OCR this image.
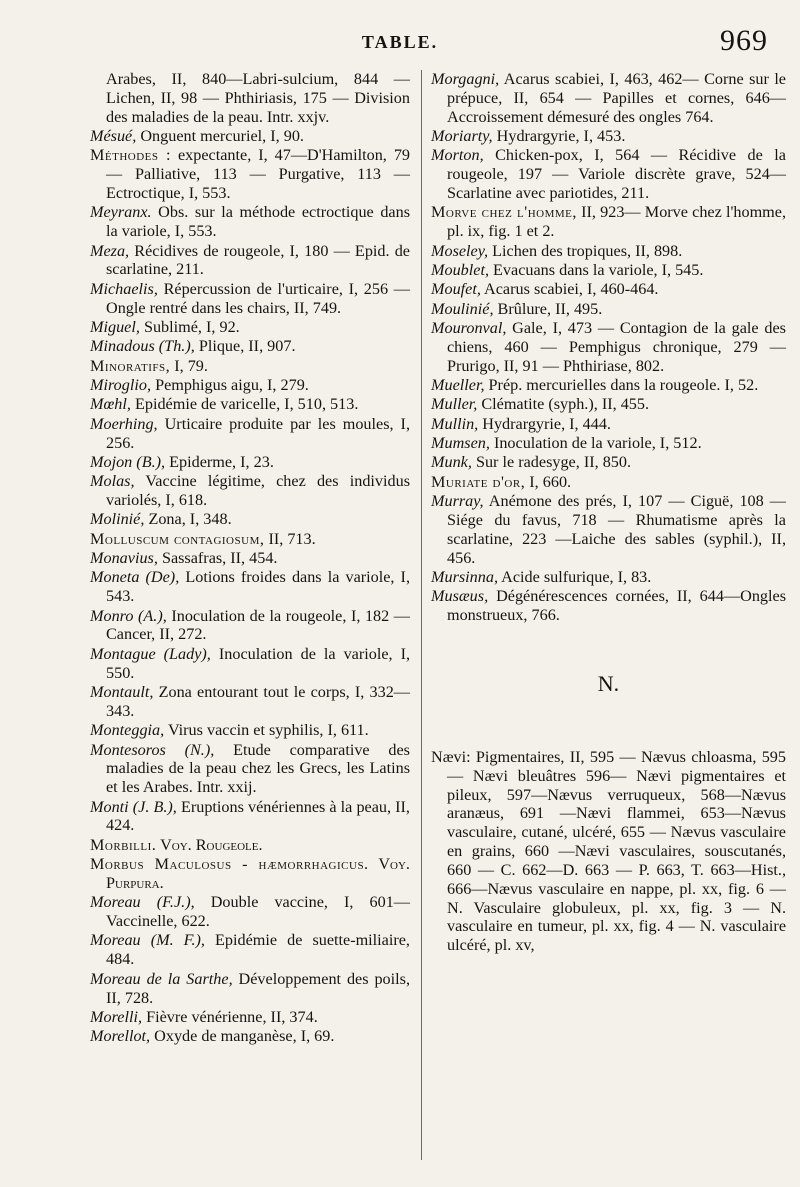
TABLE.	969

Arabes, II, 840—Labri-sulcium, 844 — Lichen, II, 98 — Phthiriasis, 175 — Division des maladies de la peau. Intr. xxjv.

Mésué, Onguent mercuriel, I, 90.

Méthodes : expectante, I, 47—D'Hamilton, 79 — Palliative, 113 — Purgative, 113 —Ectroctique, I, 553.

Meyranx. Obs. sur la méthode ectroctique dans la variole, I, 553.

Meza, Récidives de rougeole, I, 180 — Epid. de scarlatine, 211.

Michaelis, Répercussion de l'urticaire, I, 256 — Ongle rentré dans les chairs, II, 749.

Miguel, Sublimé, I, 92.

Minadous (Th.), Plique, II, 907.

Minoratifs, I, 79.

Miroglio, Pemphigus aigu, I, 279.

Mœhl, Epidémie de varicelle, I, 510, 513.

Moerhing, Urticaire produite par les moules, I, 256.

Mojon (B.), Epiderme, I, 23.

Molas, Vaccine légitime, chez des individus variolés, I, 618.

Molinié, Zona, I, 348.

Molluscum contagiosum, II, 713.

Monavius, Sassafras, II, 454.

Moneta (De), Lotions froides dans la variole, I, 543.

Monro (A.), Inoculation de la rougeole, I, 182 — Cancer, II, 272.

Montague (Lady), Inoculation de la variole, I, 550.

Montault, Zona entourant tout le corps, I, 332— 343.

Monteggia, Virus vaccin et syphilis, I, 611.

Montesoros (N.), Etude comparative des maladies de la peau chez les Grecs, les Latins et les Arabes. Intr. xxij.

Monti (J. B.), Eruptions vénériennes à la peau, II, 424.

Morbilli. Voy. Rougeole.

Morbus Maculosus - hæmorrhagicus. Voy. Purpura.

Moreau (F.J.), Double vaccine, I, 601— Vaccinelle, 622.

Moreau (M. F.), Epidémie de suette-miliaire, 484.

Moreau de la Sarthe, Développement des poils, II, 728.

Morelli, Fièvre vénérienne, II, 374.

Morellot, Oxyde de manganèse, I, 69.

Morgagni, Acarus scabiei, I, 463, 462— Corne sur le prépuce, II, 654 — Papilles et cornes, 646—Accroissement démesuré des ongles 764.

Moriarty, Hydrargyrie, I, 453.

Morton, Chicken-pox, I, 564 — Récidive de la rougeole, 197 — Variole discrète grave, 524—Scarlatine avec pariotides, 211.

Morve chez l'homme, II, 923— Morve chez l'homme, pl. ix, fig. 1 et 2.

Moseley, Lichen des tropiques, II, 898.

Moublet, Evacuans dans la variole, I, 545.

Moufet, Acarus scabiei, I, 460-464.

Moulinié, Brûlure, II, 495.

Mouronval, Gale, I, 473 — Contagion de la gale des chiens, 460 — Pemphigus chronique, 279 — Prurigo, II, 91 — Phthiriase, 802.

Mueller, Prép. mercurielles dans la rougeole. I, 52.

Muller, Clématite (syph.), II, 455.

Mullin, Hydrargyrie, I, 444.

Mumsen, Inoculation de la variole, I, 512.

Munk, Sur le radesyge, II, 850.

Muriate d'or, I, 660.

Murray, Anémone des prés, I, 107 — Ciguë, 108 — Siége du favus, 718 — Rhumatisme après la scarlatine, 223 —Laiche des sables (syphil.), II, 456.

Mursinna, Acide sulfurique, I, 83.

Musæus, Dégénérescences cornées, II, 644—Ongles monstrueux, 766.

N.

Nævi: Pigmentaires, II, 595 — Nævus chloasma, 595 — Nævi bleuâtres 596— Nævi pigmentaires et pileux, 597—Nævus verruqueux, 568—Nævus aranæus, 691 —Nævi flammei, 653—Nævus vasculaire, cutané, ulcéré, 655 — Nævus vasculaire en grains, 660 —Nævi vasculaires, souscutanés, 660 — C. 662—D. 663 — P. 663, T. 663—Hist., 666—Nævus vasculaire en nappe, pl. xx, fig. 6 — N. Vasculaire globuleux, pl. xx, fig. 3 — N. vasculaire en tumeur, pl. xx, fig. 4 — N. vasculaire ulcéré, pl. xv,
